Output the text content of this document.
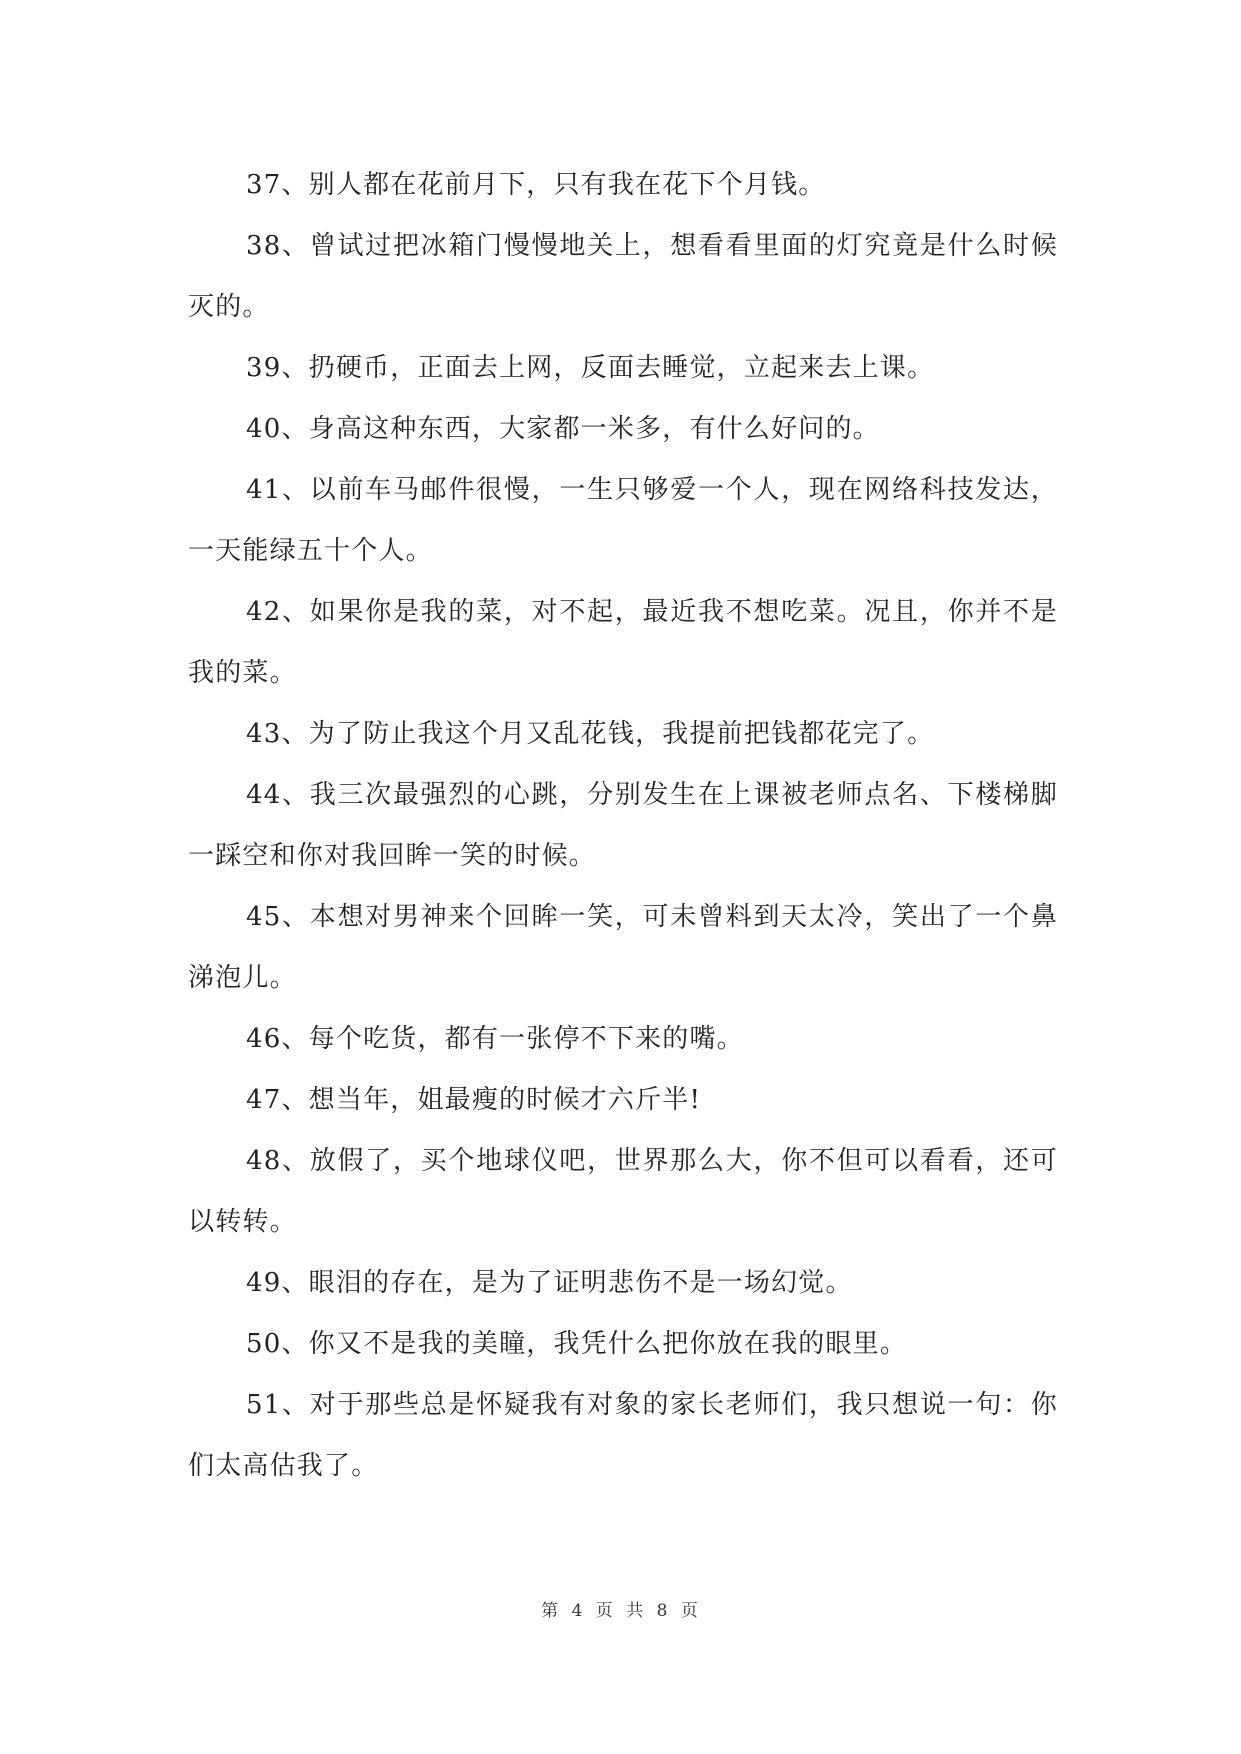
37、别人都在花前月下，只有我在花下个月钱。

38、曾试过把冰箱门慢慢地关上，想看看里面的灯究竟是什么时候灭的。

39、扔硬币，正面去上网，反面去睡觉，立起来去上课。

40、身高这种东西，大家都一米多，有什么好问的。

41、以前车马邮件很慢，一生只够爱一个人，现在网络科技发达，一天能绿五十个人。

42、如果你是我的菜，对不起，最近我不想吃菜。况且，你并不是我的菜。

43、为了防止我这个月又乱花钱，我提前把钱都花完了。

44、我三次最强烈的心跳，分别发生在上课被老师点名、下楼梯脚一踩空和你对我回眸一笑的时候。

45、本想对男神来个回眸一笑，可未曾料到天太冷，笑出了一个鼻涕泡儿。

46、每个吃货，都有一张停不下来的嘴。

47、想当年，姐最瘦的时候才六斤半!

48、放假了，买个地球仪吧，世界那么大，你不但可以看看，还可以转转。

49、眼泪的存在，是为了证明悲伤不是一场幻觉。

50、你又不是我的美瞳，我凭什么把你放在我的眼里。

51、对于那些总是怀疑我有对象的家长老师们，我只想说一句：你们太高估我了。

第 4 页 共 8 页
